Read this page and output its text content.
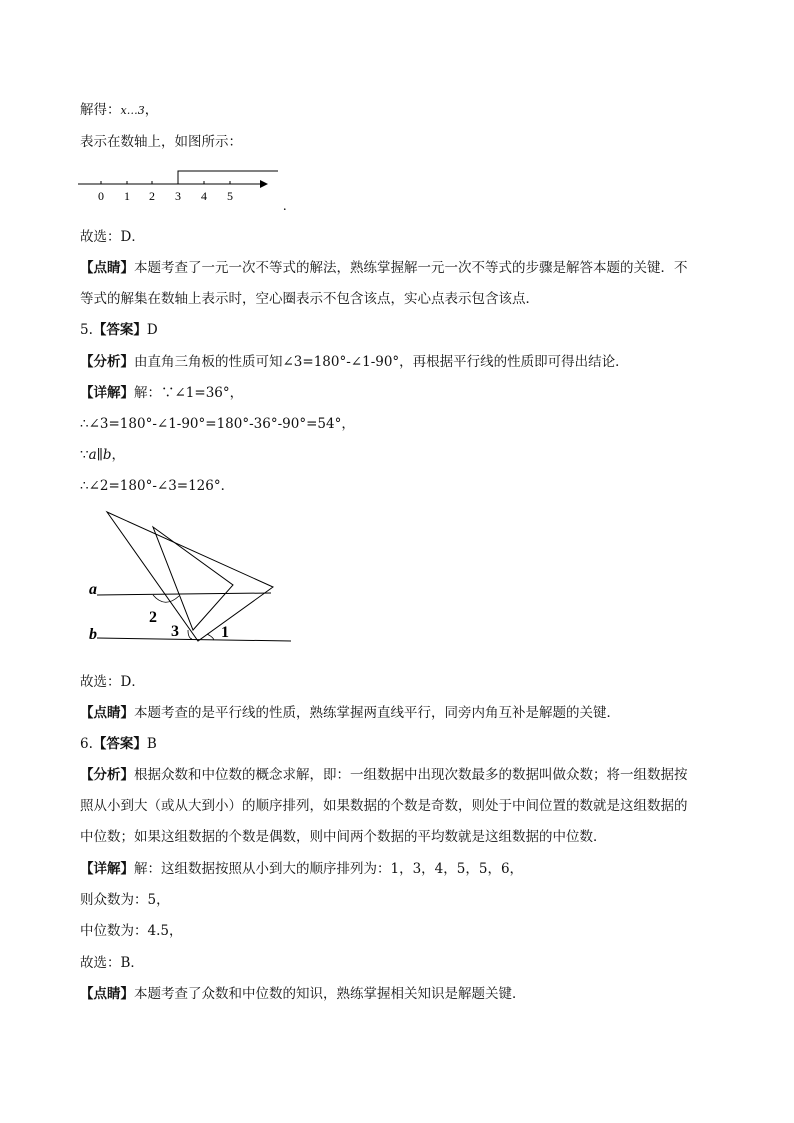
解得：x…3，
表示在数轴上，如图所示：
0 1 2 3 4 5
.
故选：D．
【点睛】本题考查了一元一次不等式的解法，熟练掌握解一元一次不等式的步骤是解答本题的关键．不
等式的解集在数轴上表示时，空心圈表示不包含该点，实心点表示包含该点．
5.【答案】D
【分析】由直角三角板的性质可知∠3=180°-∠1-90°，再根据平行线的性质即可得出结论．
【详解】解：∵∠1=36°，
∴∠3=180°-∠1-90°=180°-36°-90°=54°，
∵a∥b，
∴∠2=180°-∠3=126°．
a
b
2
3	1
故选：D．
【点睛】本题考查的是平行线的性质，熟练掌握两直线平行，同旁内角互补是解题的关键．
6.【答案】B
【分析】根据众数和中位数的概念求解，即：一组数据中出现次数最多的数据叫做众数；将一组数据按
照从小到大（或从大到小）的顺序排列，如果数据的个数是奇数，则处于中间位置的数就是这组数据的
中位数；如果这组数据的个数是偶数，则中间两个数据的平均数就是这组数据的中位数．
【详解】解：这组数据按照从小到大的顺序排列为：1，3，4，5，5，6，
则众数为：5，
中位数为：4.5，
故选：B．
【点睛】本题考查了众数和中位数的知识，熟练掌握相关知识是解题关键．
